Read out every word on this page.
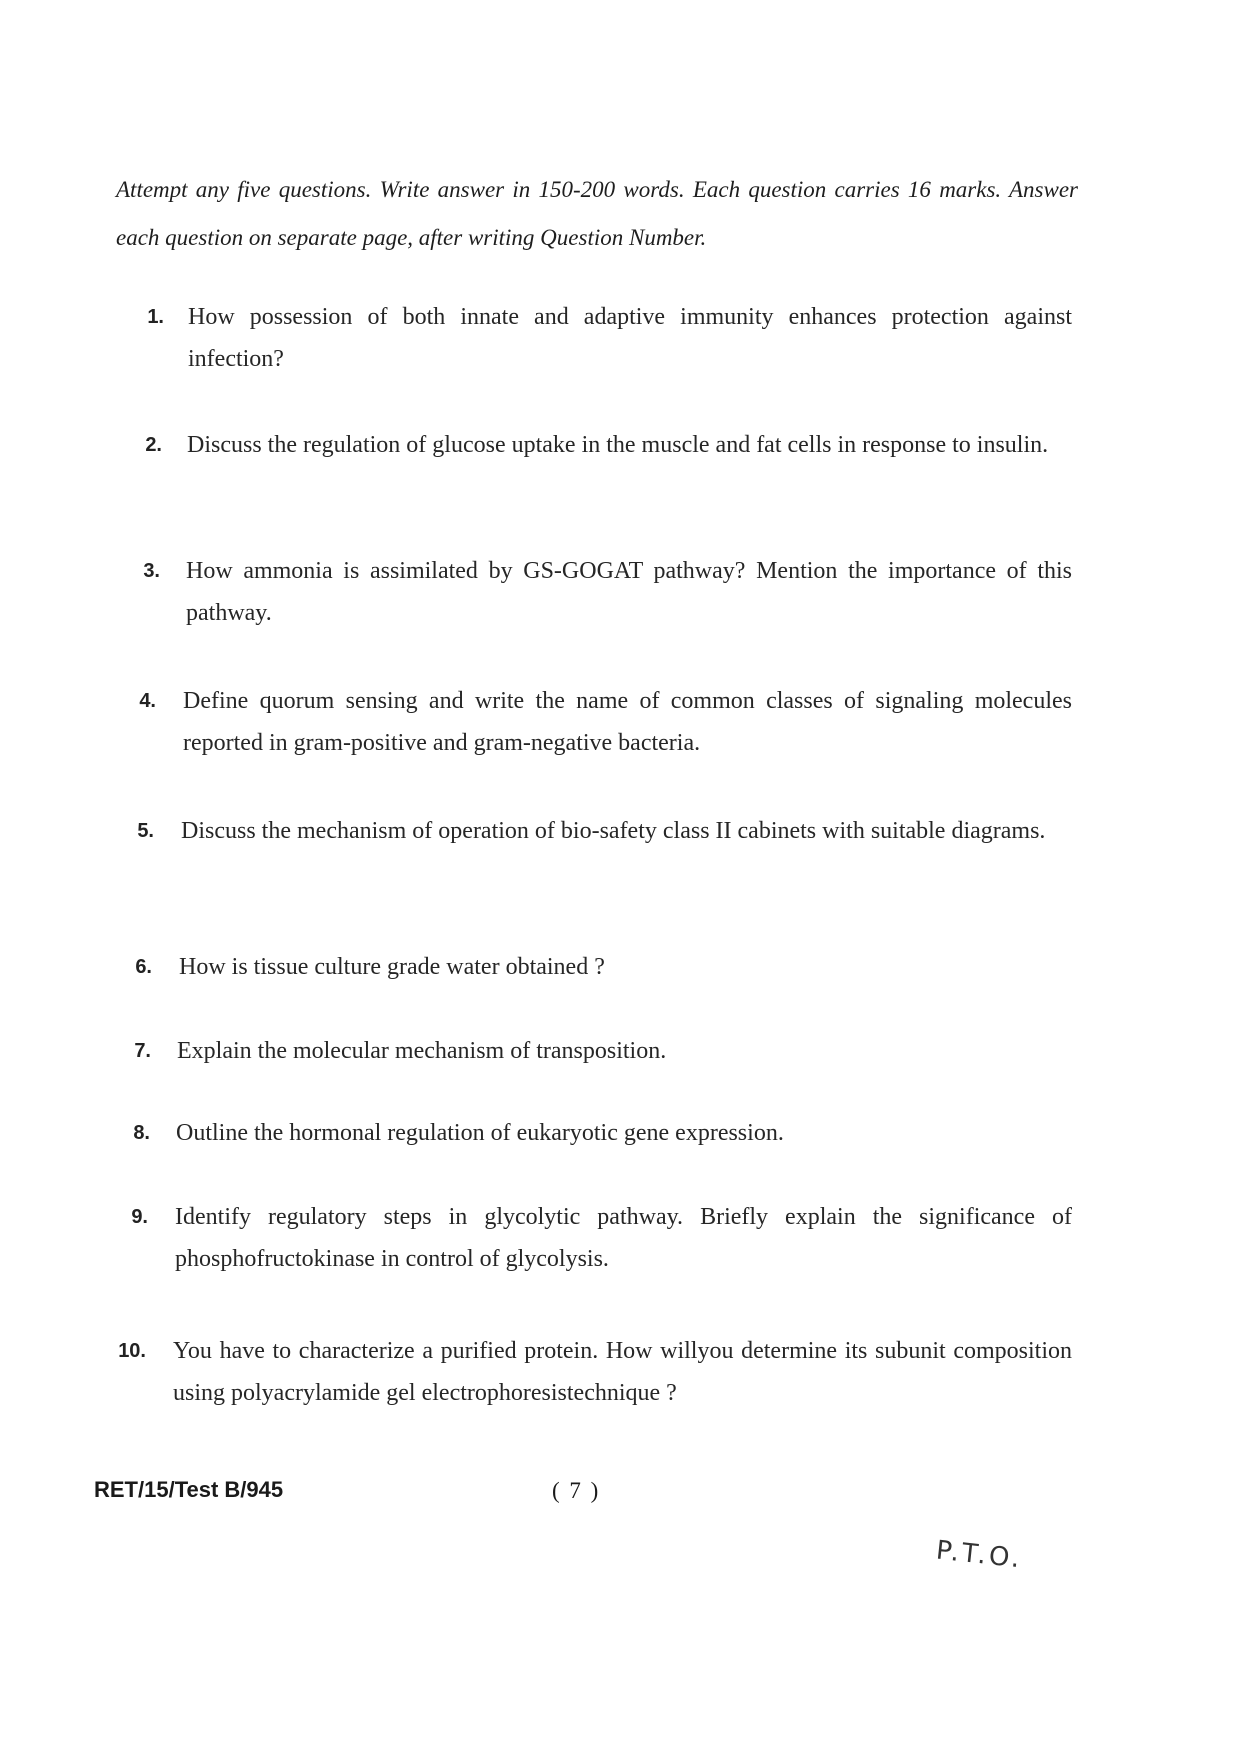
Attempt any five questions. Write answer in 150-200 words. Each question carries 16 marks. Answer each question on separate page, after writing Question Number.
1. How possession of both innate and adaptive immunity enhances protection against infection?
2. Discuss the regulation of glucose uptake in the muscle and fat cells in response to insulin.
3. How ammonia is assimilated by GS-GOGAT pathway? Mention the importance of this pathway.
4. Define quorum sensing and write the name of common classes of signaling molecules reported in gram-positive and gram-negative bacteria.
5. Discuss the mechanism of operation of bio-safety class II cabinets with suitable diagrams.
6. How is tissue culture grade water obtained ?
7. Explain the molecular mechanism of transposition.
8. Outline the hormonal regulation of eukaryotic gene expression.
9. Identify regulatory steps in glycolytic pathway. Briefly explain the significance of phosphofructokinase in control of glycolysis.
10. You have to characterize a purified protein. How willyou determine its subunit composition using polyacrylamide gel electrophoresistechnique ?
RET/15/Test B/945	( 7 )
P.T.O.
